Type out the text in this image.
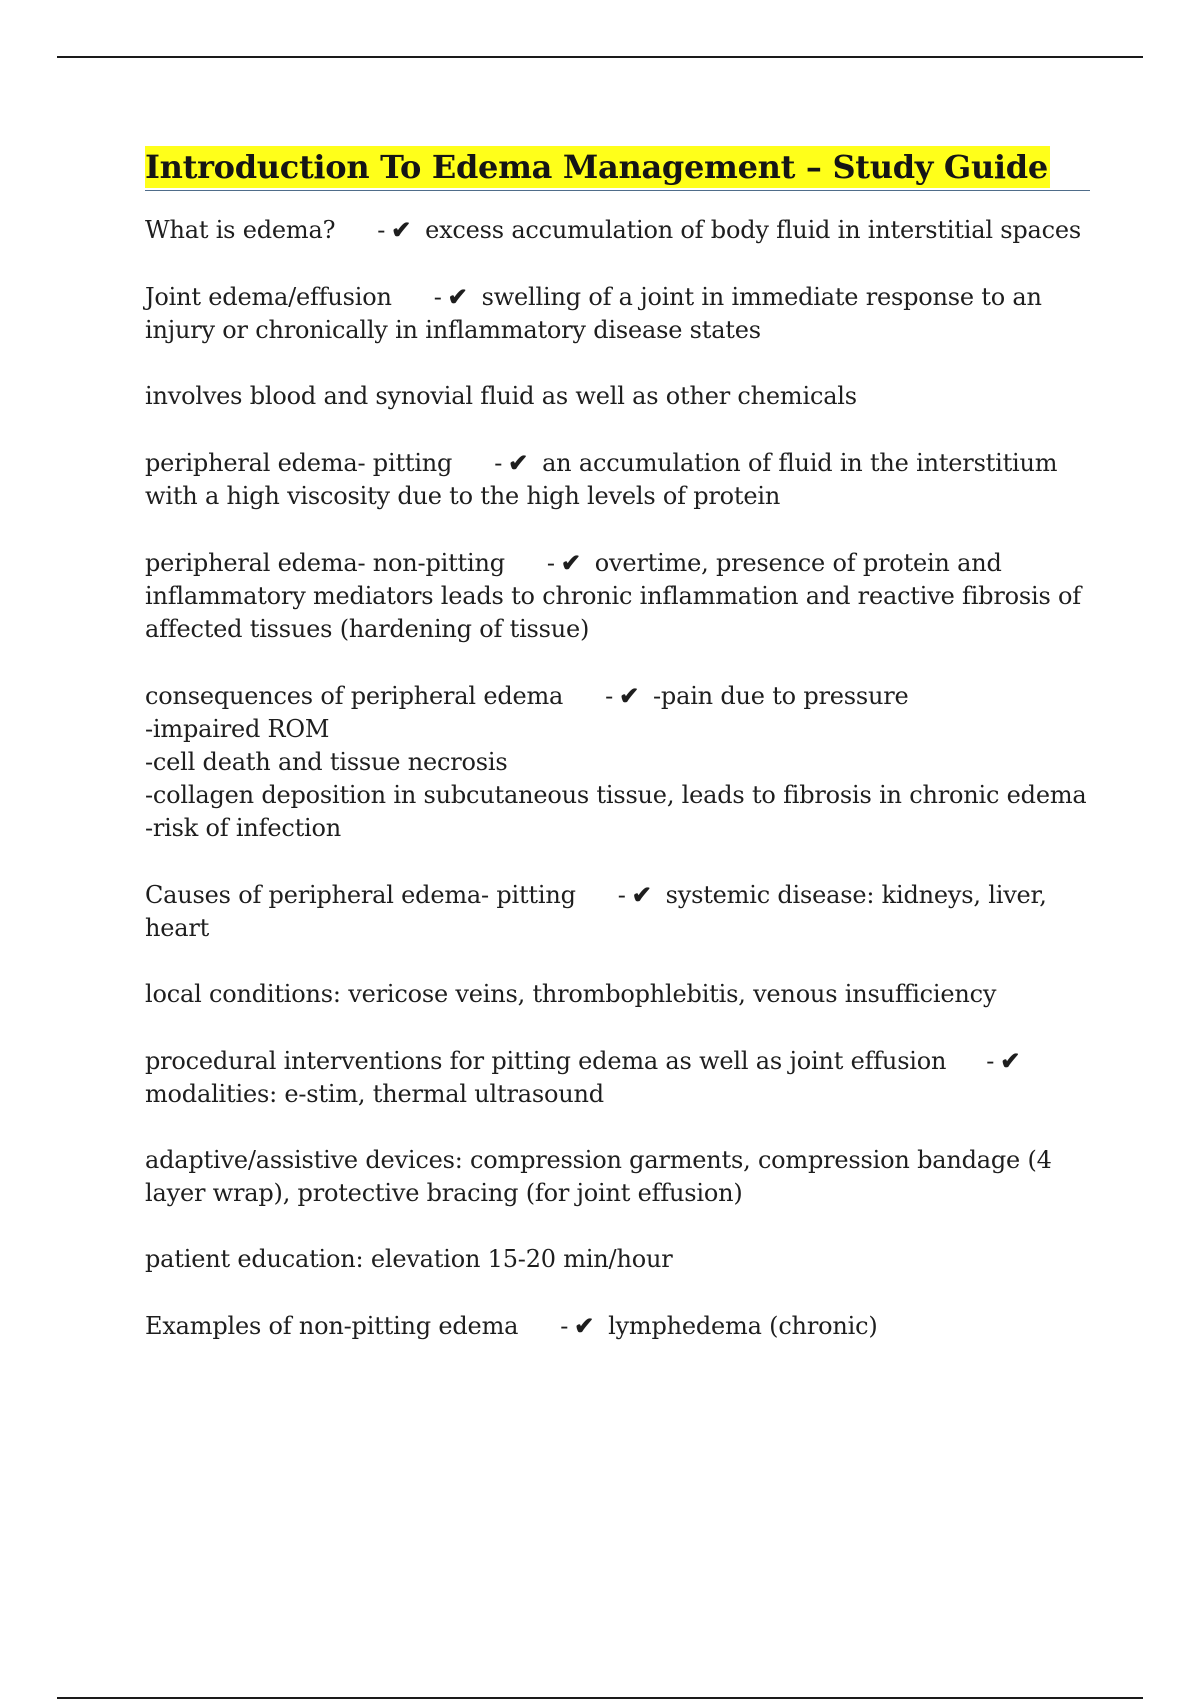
Introduction To Edema Management – Study Guide
What is edema? - ✔ excess accumulation of body fluid in interstitial spaces
Joint edema/effusion - ✔ swelling of a joint in immediate response to an injury or chronically in inflammatory disease states
involves blood and synovial fluid as well as other chemicals
peripheral edema- pitting - ✔ an accumulation of fluid in the interstitium with a high viscosity due to the high levels of protein
peripheral edema- non-pitting - ✔ overtime, presence of protein and inflammatory mediators leads to chronic inflammation and reactive fibrosis of affected tissues (hardening of tissue)
consequences of peripheral edema - ✔ -pain due to pressure
-impaired ROM
-cell death and tissue necrosis
-collagen deposition in subcutaneous tissue, leads to fibrosis in chronic edema
-risk of infection
Causes of peripheral edema- pitting - ✔ systemic disease: kidneys, liver, heart
local conditions: vericose veins, thrombophlebitis, venous insufficiency
procedural interventions for pitting edema as well as joint effusion - ✔modalities: e-stim, thermal ultrasound
adaptive/assistive devices: compression garments, compression bandage (4 layer wrap), protective bracing (for joint effusion)
patient education: elevation 15-20 min/hour
Examples of non-pitting edema - ✔ lymphedema (chronic)
